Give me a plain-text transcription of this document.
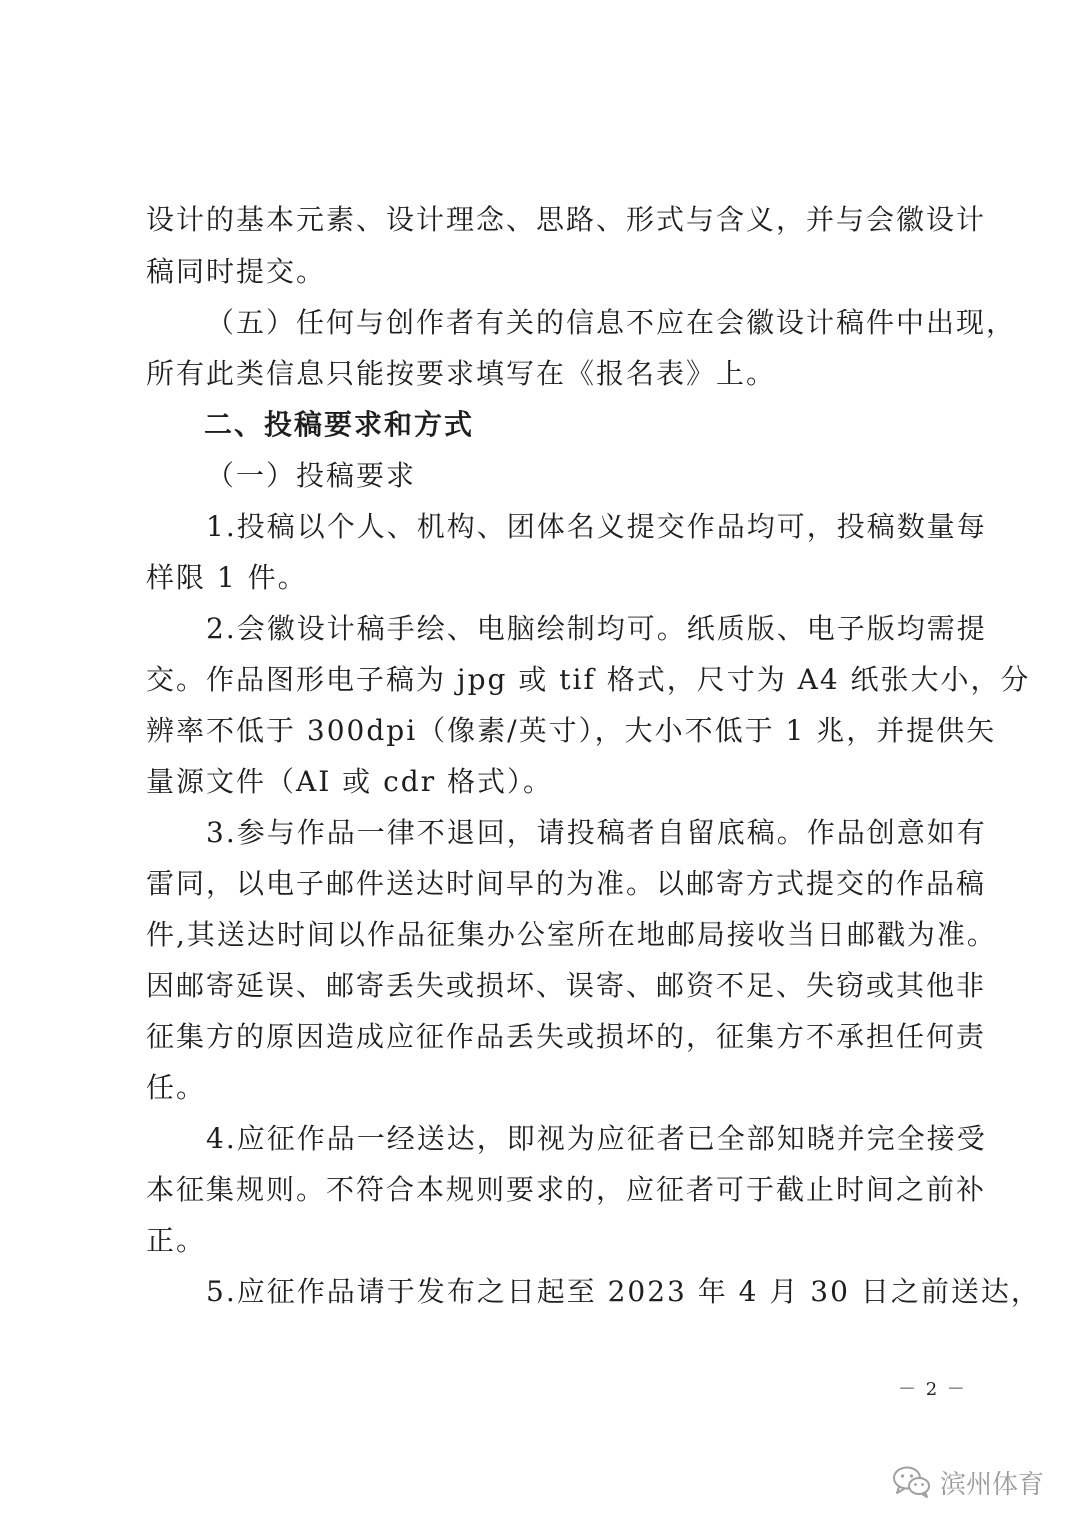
设计的基本元素、设计理念、思路、形式与含义，并与会徽设计
稿同时提交。
（五）任何与创作者有关的信息不应在会徽设计稿件中出现，
所有此类信息只能按要求填写在《报名表》上。
二、投稿要求和方式
（一）投稿要求
1.投稿以个人、机构、团体名义提交作品均可，投稿数量每
样限 1 件。
2.会徽设计稿手绘、电脑绘制均可。纸质版、电子版均需提
交。作品图形电子稿为 jpg 或 tif 格式，尺寸为 A4 纸张大小，分
辨率不低于 300dpi（像素/英寸），大小不低于 1 兆，并提供矢
量源文件（AI 或 cdr 格式）。
3.参与作品一律不退回，请投稿者自留底稿。作品创意如有
雷同，以电子邮件送达时间早的为准。以邮寄方式提交的作品稿
件,其送达时间以作品征集办公室所在地邮局接收当日邮戳为准。
因邮寄延误、邮寄丢失或损坏、误寄、邮资不足、失窃或其他非
征集方的原因造成应征作品丢失或损坏的，征集方不承担任何责
任。
4.应征作品一经送达，即视为应征者已全部知晓并完全接受
本征集规则。不符合本规则要求的，应征者可于截止时间之前补
正。
5.应征作品请于发布之日起至 2023 年 4 月 30 日之前送达，
－ 2 －
滨州体育
